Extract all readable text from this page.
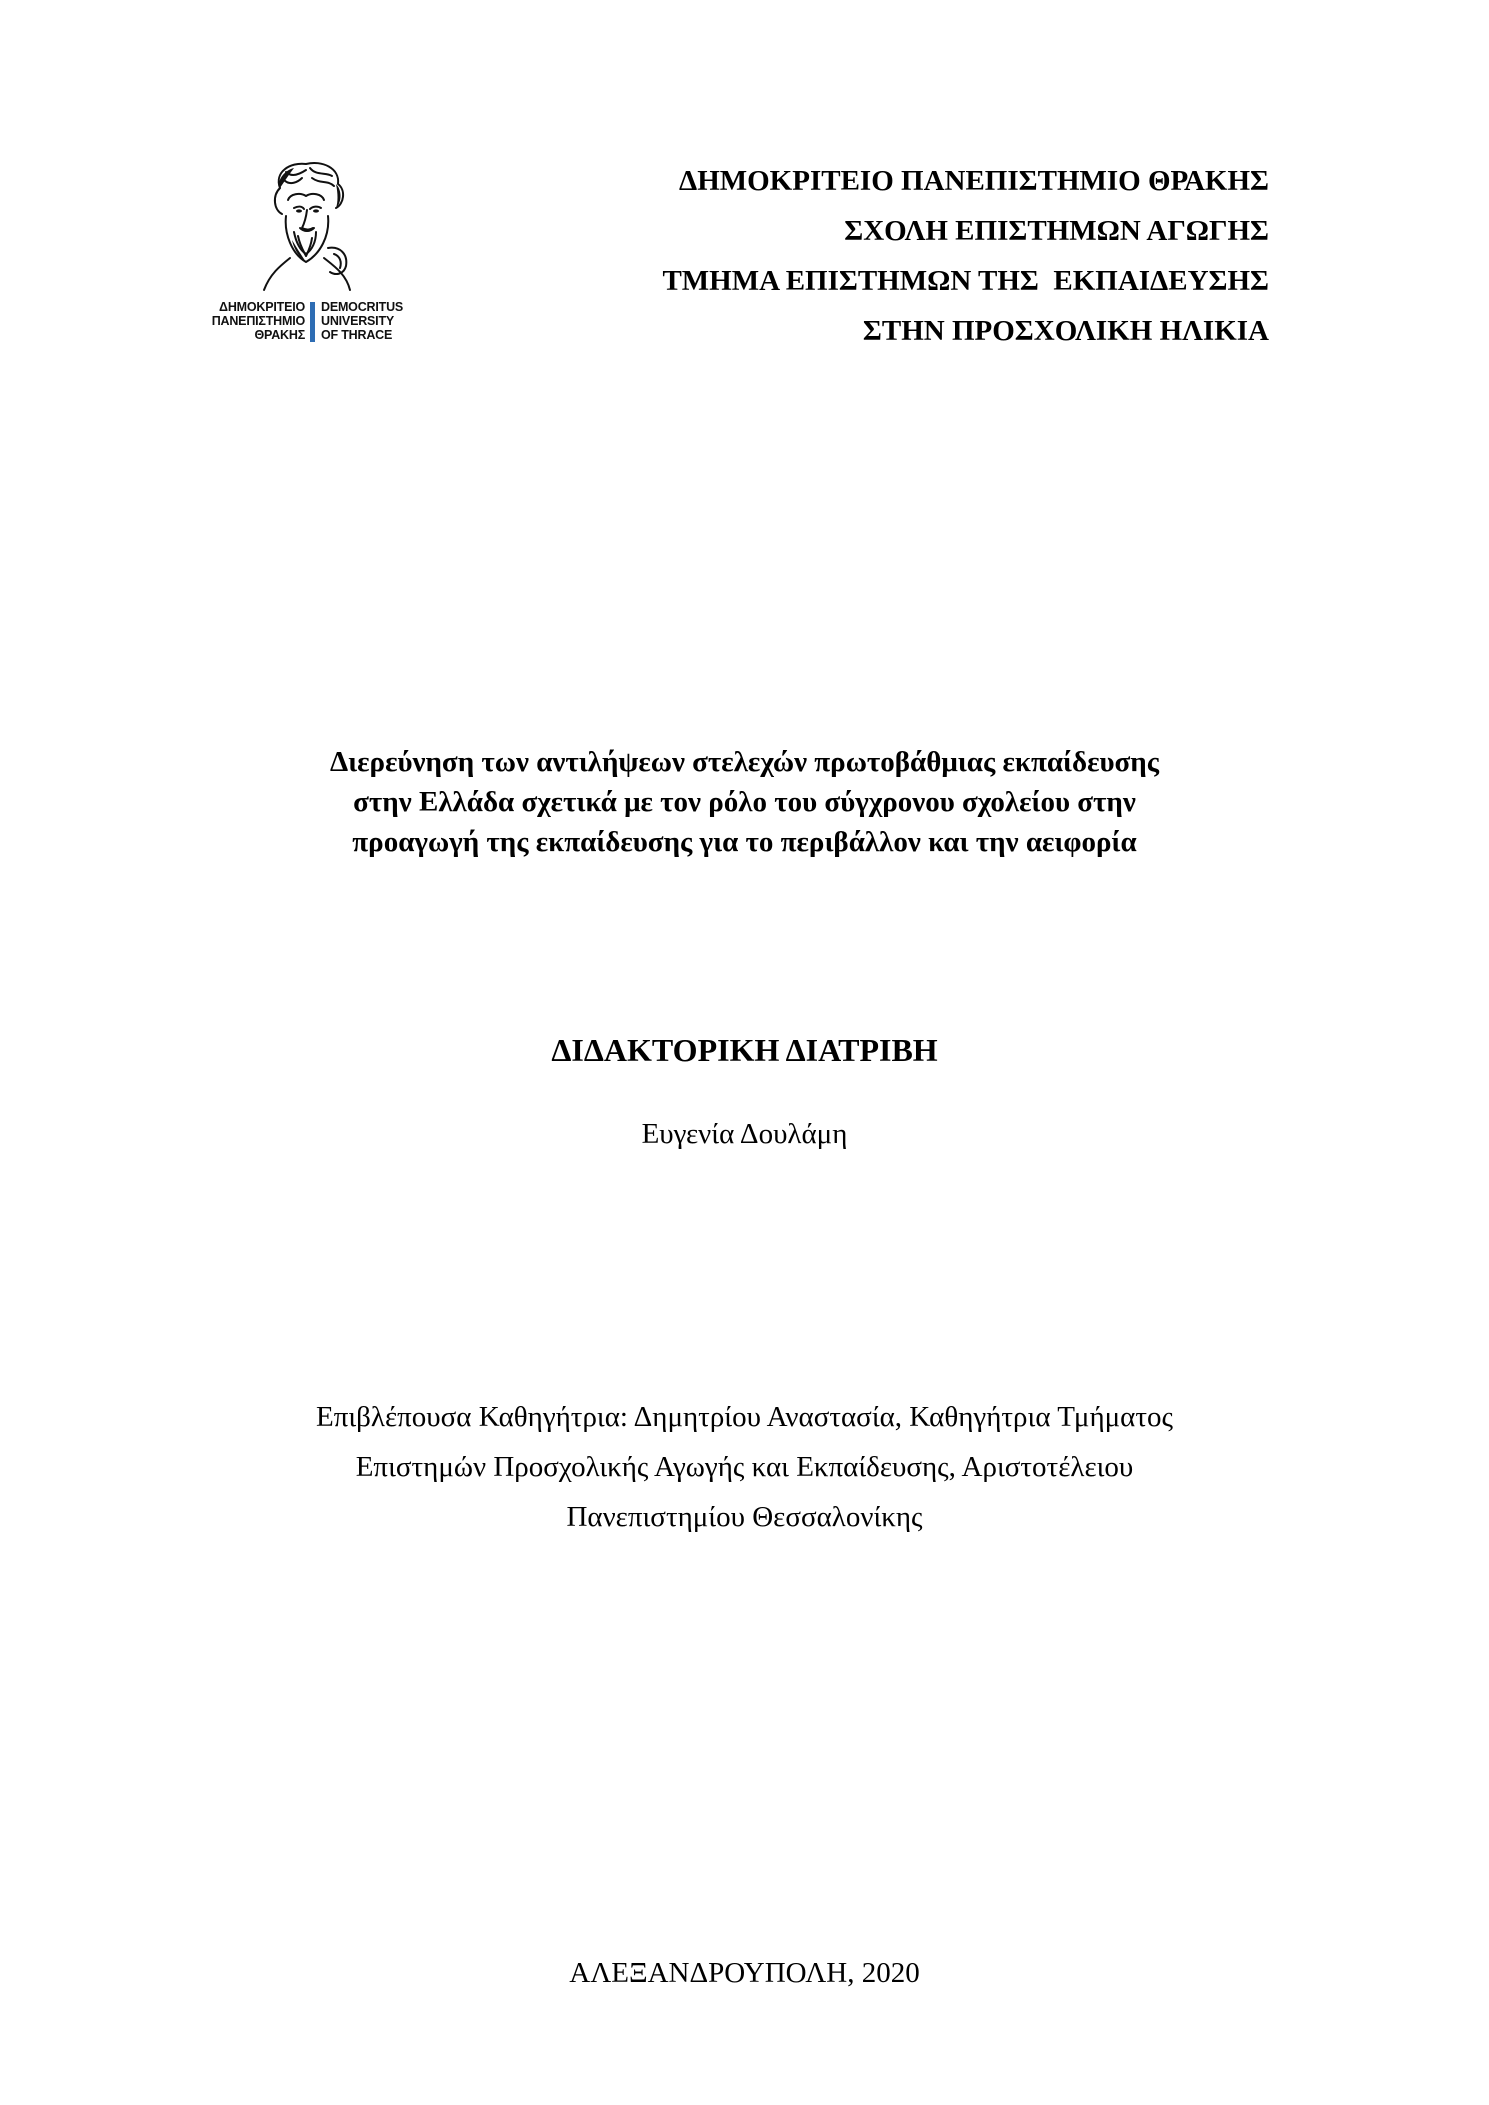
ΔΗΜΟΚΡΙΤΕΙΟ
ΠΑΝΕΠΙΣΤΗΜΙΟ
ΘΡΑΚΗΣ
DEMOCRITUS
UNIVERSITY
OF THRACE
ΔΗΜΟΚΡΙΤΕΙΟ ΠΑΝΕΠΙΣΤΗΜΙΟ ΘΡΑΚΗΣ
ΣΧΟΛΗ ΕΠΙΣΤΗΜΩΝ ΑΓΩΓΗΣ
ΤΜΗΜΑ ΕΠΙΣΤΗΜΩΝ ΤΗΣ  ΕΚΠΑΙΔΕΥΣΗΣ
ΣΤΗΝ ΠΡΟΣΧΟΛΙΚΗ ΗΛΙΚΙΑ
Διερεύνηση των αντιλήψεων στελεχών πρωτοβάθμιας εκπαίδευσης
στην Ελλάδα σχετικά με τον ρόλο του σύγχρονου σχολείου στην
προαγωγή της εκπαίδευσης για το περιβάλλον και την αειφορία
ΔΙΔΑΚΤΟΡΙΚΗ ΔΙΑΤΡΙΒΗ
Ευγενία Δουλάμη
Επιβλέπουσα Καθηγήτρια: Δημητρίου Αναστασία, Καθηγήτρια Τμήματος
Επιστημών Προσχολικής Αγωγής και Εκπαίδευσης, Αριστοτέλειου
Πανεπιστημίου Θεσσαλονίκης
ΑΛΕΞΑΝΔΡΟΥΠΟΛΗ, 2020
